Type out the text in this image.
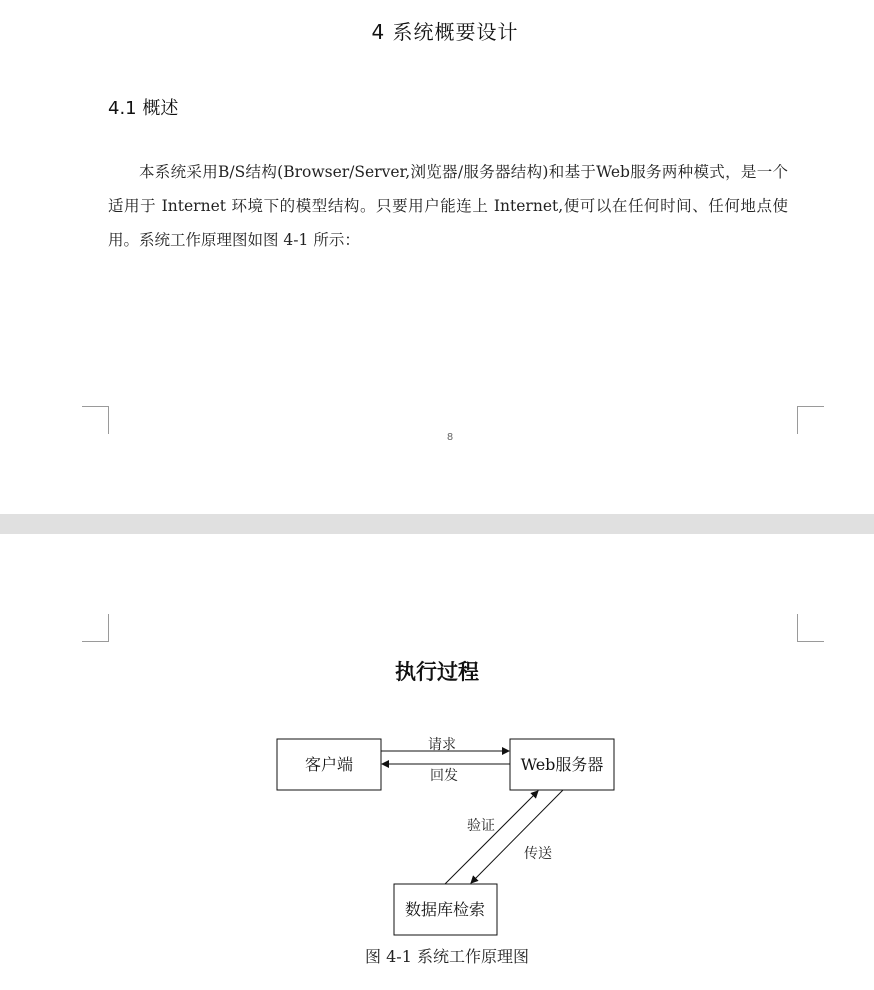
4 系统概要设计
4.1 概述

本系统采用B/S结构(Browser/Server,浏览器/服务器结构)和基于Web服务两种模式，是一个适用于 Internet 环境下的模型结构。只要用户能连上 Internet,便可以在任何时间、任何地点使用。系统工作原理图如图 4-1 所示：

8
执行过程
客户端	Web服务器
数据库检索
请求
回发
验证
传送
图 4-1 系统工作原理图
